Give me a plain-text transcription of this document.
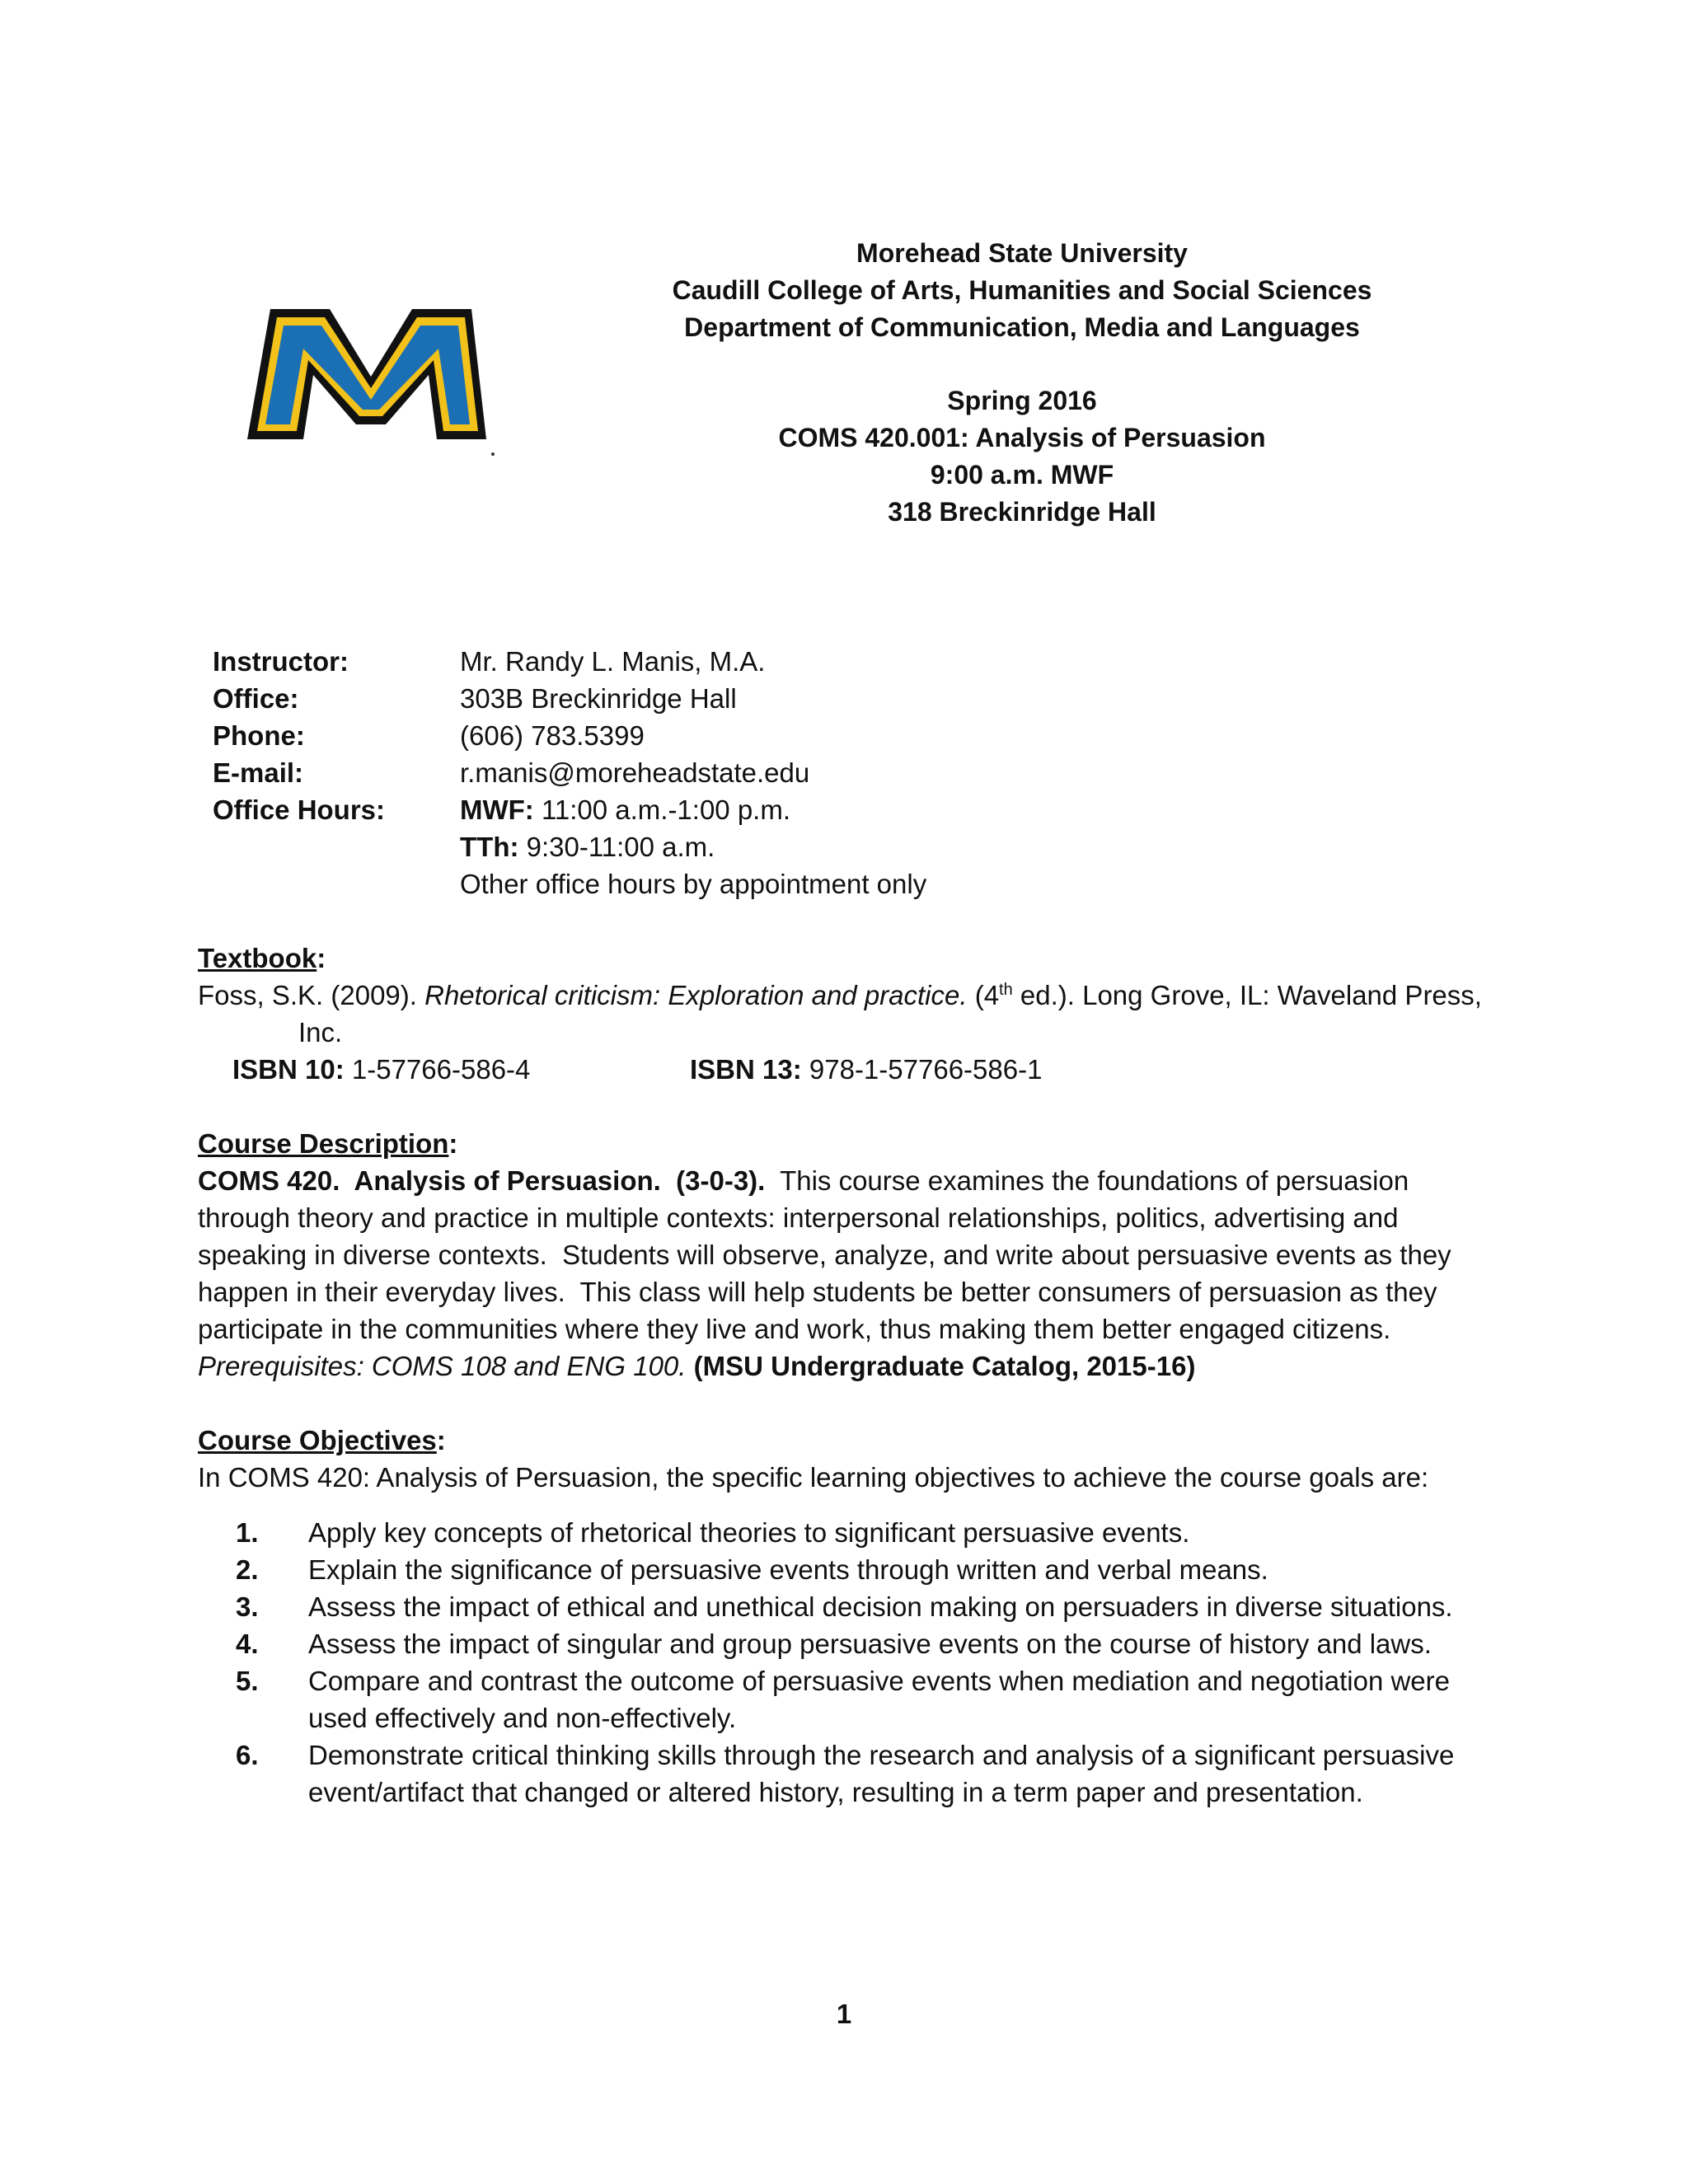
Morehead State University
Caudill College of Arts, Humanities and Social Sciences
Department of Communication, Media and Languages
Spring 2016
COMS 420.001: Analysis of Persuasion
9:00 a.m. MWF
318 Breckinridge Hall
Instructor:	Mr. Randy L. Manis, M.A.
Office:	303B Breckinridge Hall
Phone:	(606) 783.5399
E-mail:	r.manis@moreheadstate.edu
Office Hours:	MWF: 11:00 a.m.-1:00 p.m.
TTh: 9:30-11:00 a.m.
Other office hours by appointment only
Textbook:
Foss, S.K. (2009). Rhetorical criticism: Exploration and practice. (4th ed.). Long Grove, IL: Waveland Press,
Inc.
ISBN 10: 1-57766-586-4	ISBN 13: 978-1-57766-586-1
Course Description:
COMS 420.  Analysis of Persuasion.  (3-0-3).  This course examines the foundations of persuasion
through theory and practice in multiple contexts: interpersonal relationships, politics, advertising and
speaking in diverse contexts.  Students will observe, analyze, and write about persuasive events as they
happen in their everyday lives.  This class will help students be better consumers of persuasion as they
participate in the communities where they live and work, thus making them better engaged citizens.
Prerequisites: COMS 108 and ENG 100. (MSU Undergraduate Catalog, 2015-16)
Course Objectives:
In COMS 420: Analysis of Persuasion, the specific learning objectives to achieve the course goals are:
1.	Apply key concepts of rhetorical theories to significant persuasive events.
2.	Explain the significance of persuasive events through written and verbal means.
3.	Assess the impact of ethical and unethical decision making on persuaders in diverse situations.
4.	Assess the impact of singular and group persuasive events on the course of history and laws.
5.	Compare and contrast the outcome of persuasive events when mediation and negotiation were
used effectively and non-effectively.
6.	Demonstrate critical thinking skills through the research and analysis of a significant persuasive
event/artifact that changed or altered history, resulting in a term paper and presentation.
1
